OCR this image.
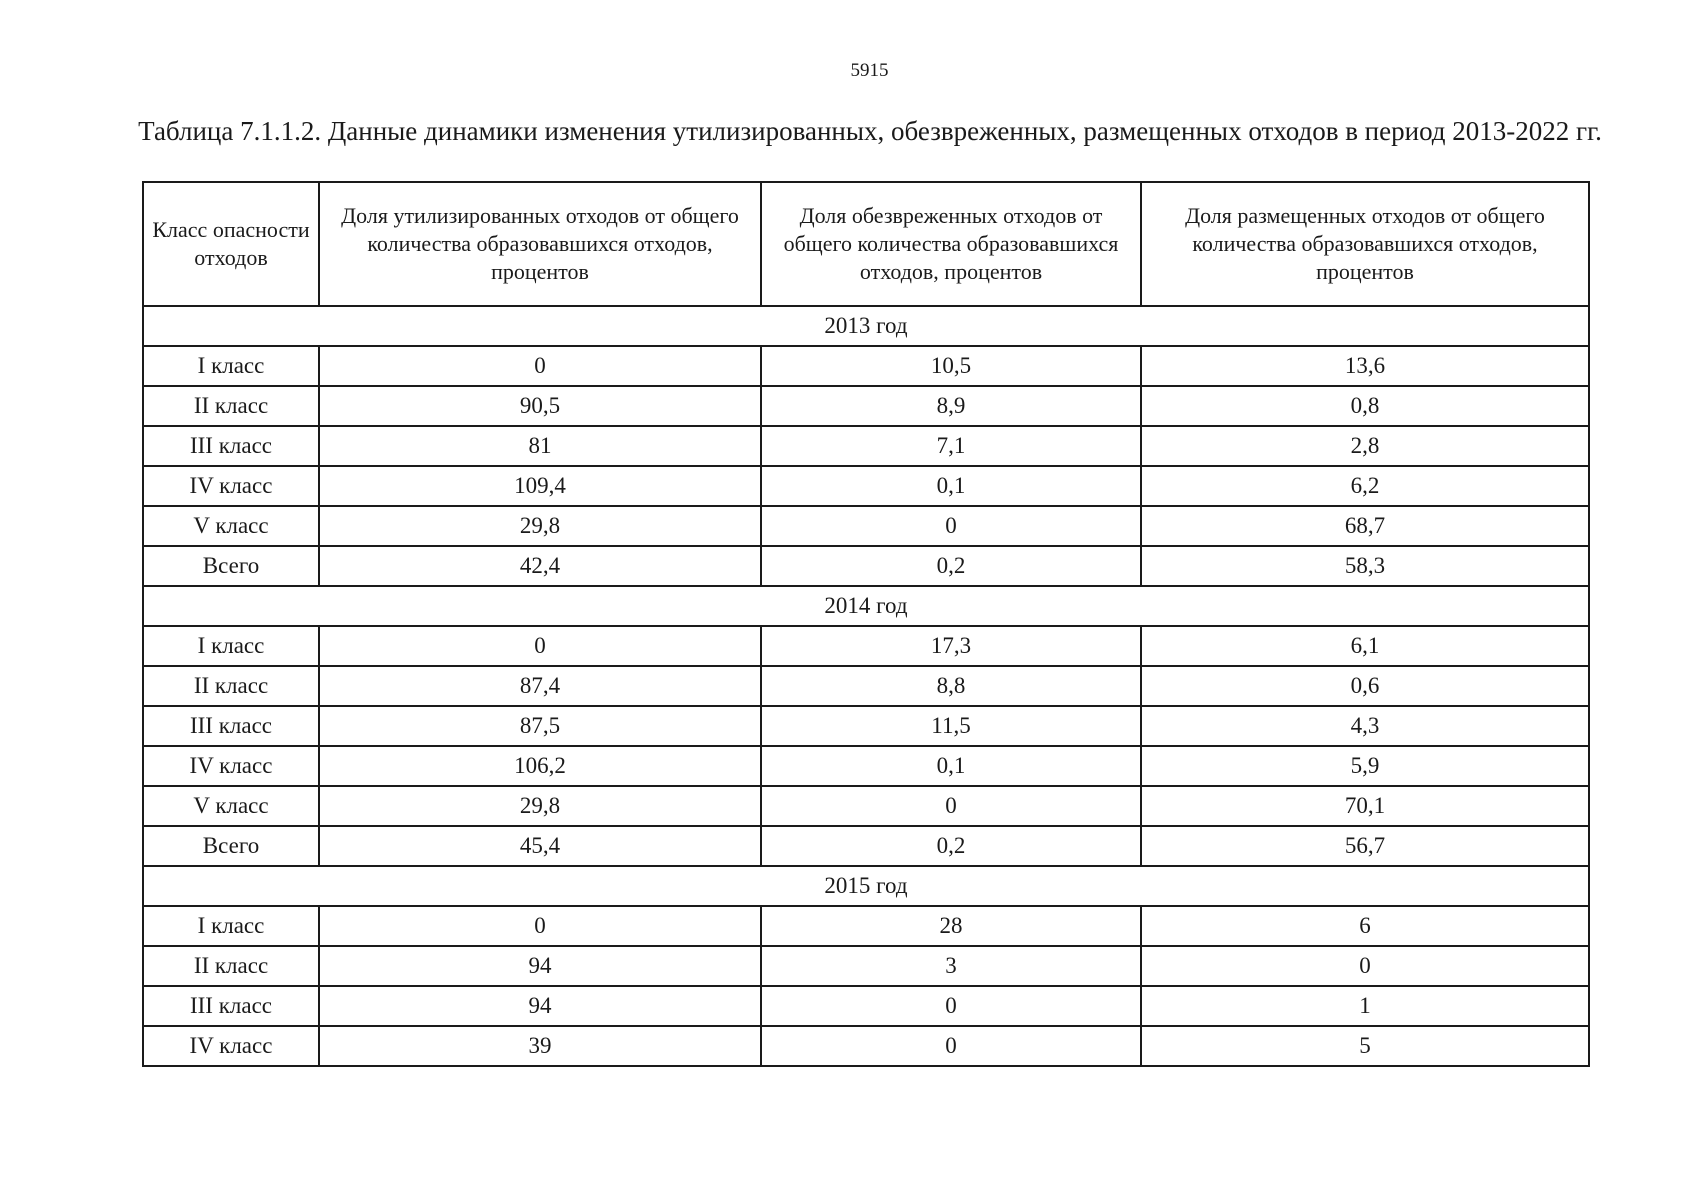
5915
Таблица 7.1.1.2. Данные динамики изменения утилизированных, обезвреженных, размещенных отходов в период 2013-2022 гг.
Класс опасности отходов	Доля утилизированных отходов от общего количества образовавшихся отходов, процентов	Доля обезвреженных отходов от общего количества образовавшихся отходов, процентов	Доля размещенных отходов от общего количества образовавшихся отходов, процентов
2013 год			
I класс	0	10,5	13,6
II класс	90,5	8,9	0,8
III класс	81	7,1	2,8
IV класс	109,4	0,1	6,2
V класс	29,8	0	68,7
Всего	42,4	0,2	58,3
2014 год			
I класс	0	17,3	6,1
II класс	87,4	8,8	0,6
III класс	87,5	11,5	4,3
IV класс	106,2	0,1	5,9
V класс	29,8	0	70,1
Всего	45,4	0,2	56,7
2015 год			
I класс	0	28	6
II класс	94	3	0
III класс	94	0	1
IV класс	39	0	5
